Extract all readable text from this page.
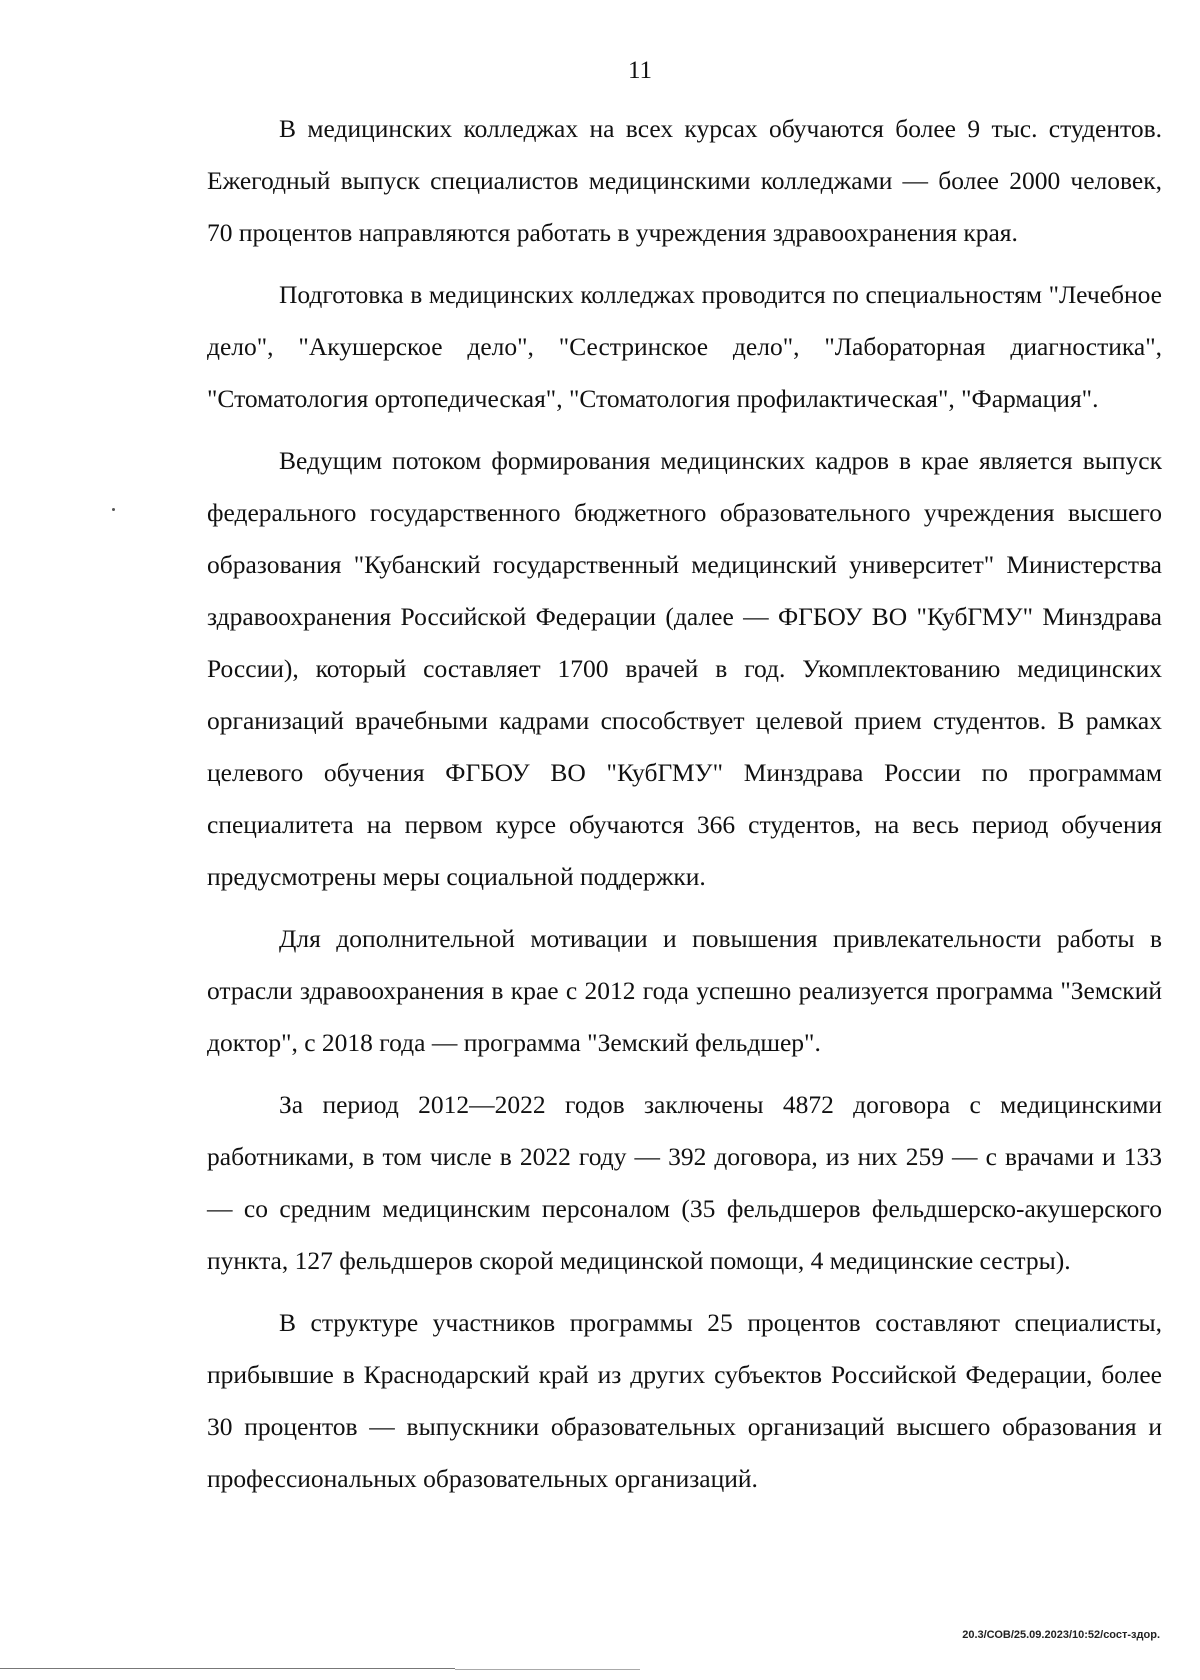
11

В медицинских колледжах на всех курсах обучаются более 9 тыс. студентов. Ежегодный выпуск специалистов медицинскими колледжами — более 2000 человек, 70 процентов направляются работать в учреждения здравоохранения края.

Подготовка в медицинских колледжах проводится по специальностям "Лечебное дело", "Акушерское дело", "Сестринское дело", "Лабораторная диагностика", "Стоматология ортопедическая", "Стоматология профилактическая", "Фармация".

Ведущим потоком формирования медицинских кадров в крае является выпуск федерального государственного бюджетного образовательного учреждения высшего образования "Кубанский государственный медицинский университет" Министерства здравоохранения Российской Федерации (далее — ФГБОУ ВО "КубГМУ" Минздрава России), который составляет 1700 врачей в год. Укомплектованию медицинских организаций врачебными кадрами способствует целевой прием студентов. В рамках целевого обучения ФГБОУ ВО "КубГМУ" Минздрава России по программам специалитета на первом курсе обучаются 366 студентов, на весь период обучения предусмотрены меры социальной поддержки.

Для дополнительной мотивации и повышения привлекательности работы в отрасли здравоохранения в крае с 2012 года успешно реализуется программа "Земский доктор", с 2018 года — программа "Земский фельдшер".

За период 2012—2022 годов заключены 4872 договора с медицинскими работниками, в том числе в 2022 году — 392 договора, из них 259 — с врачами и 133 — со средним медицинским персоналом (35 фельдшеров фельдшерско-акушерского пункта, 127 фельдшеров скорой медицинской помощи, 4 медицинские сестры).

В структуре участников программы 25 процентов составляют специалисты, прибывшие в Краснодарский край из других субъектов Российской Федерации, более 30 процентов — выпускники образовательных организаций высшего образования и профессиональных образовательных организаций.

20.3/СОВ/25.09.2023/10:52/сост-здор.
